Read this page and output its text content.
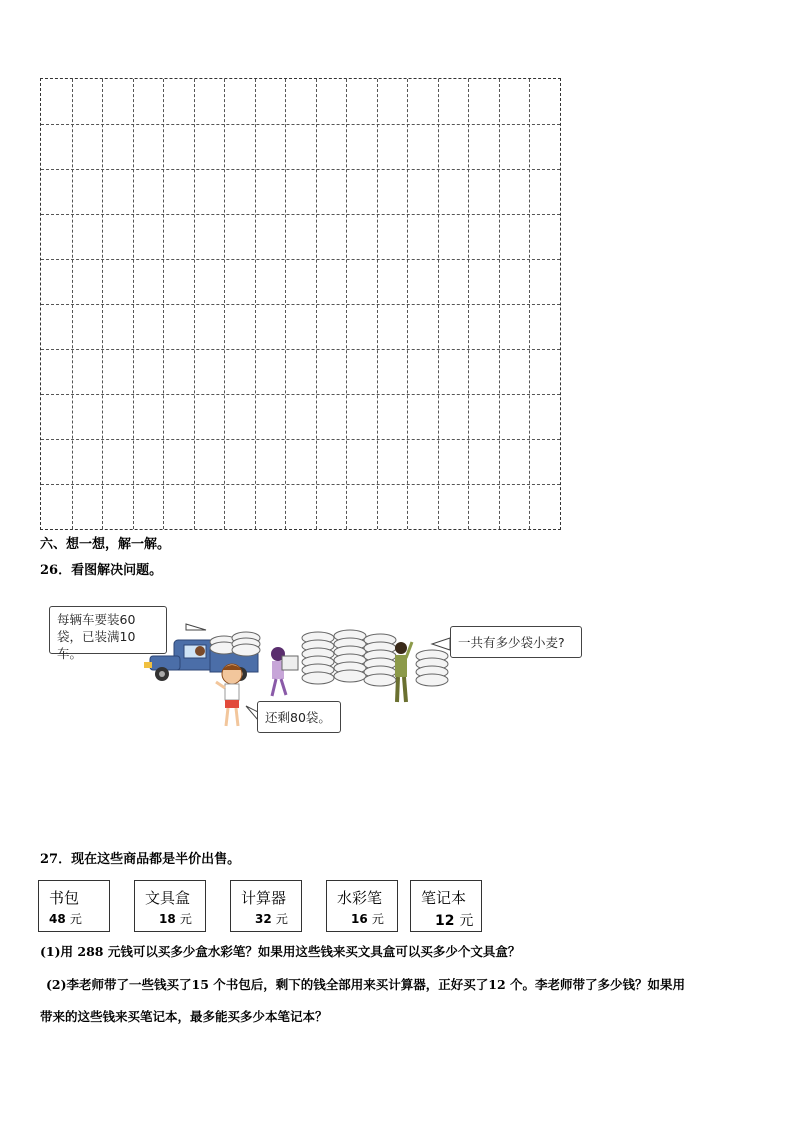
六、想一想，解一解。
26．看图解决问题。
每辆车要装60袋，已装满10车。
一共有多少袋小麦?
还剩80袋。
27．现在这些商品都是半价出售。
书包
48 元
文具盒
18 元
计算器
32 元
水彩笔
16 元
笔记本
12 元
(1)用 288 元钱可以买多少盒水彩笔？如果用这些钱来买文具盒可以买多少个文具盒？
(2)李老师带了一些钱买了15 个书包后，剩下的钱全部用来买计算器，正好买了12 个。李老师带了多少钱？如果用
带来的这些钱来买笔记本，最多能买多少本笔记本？
